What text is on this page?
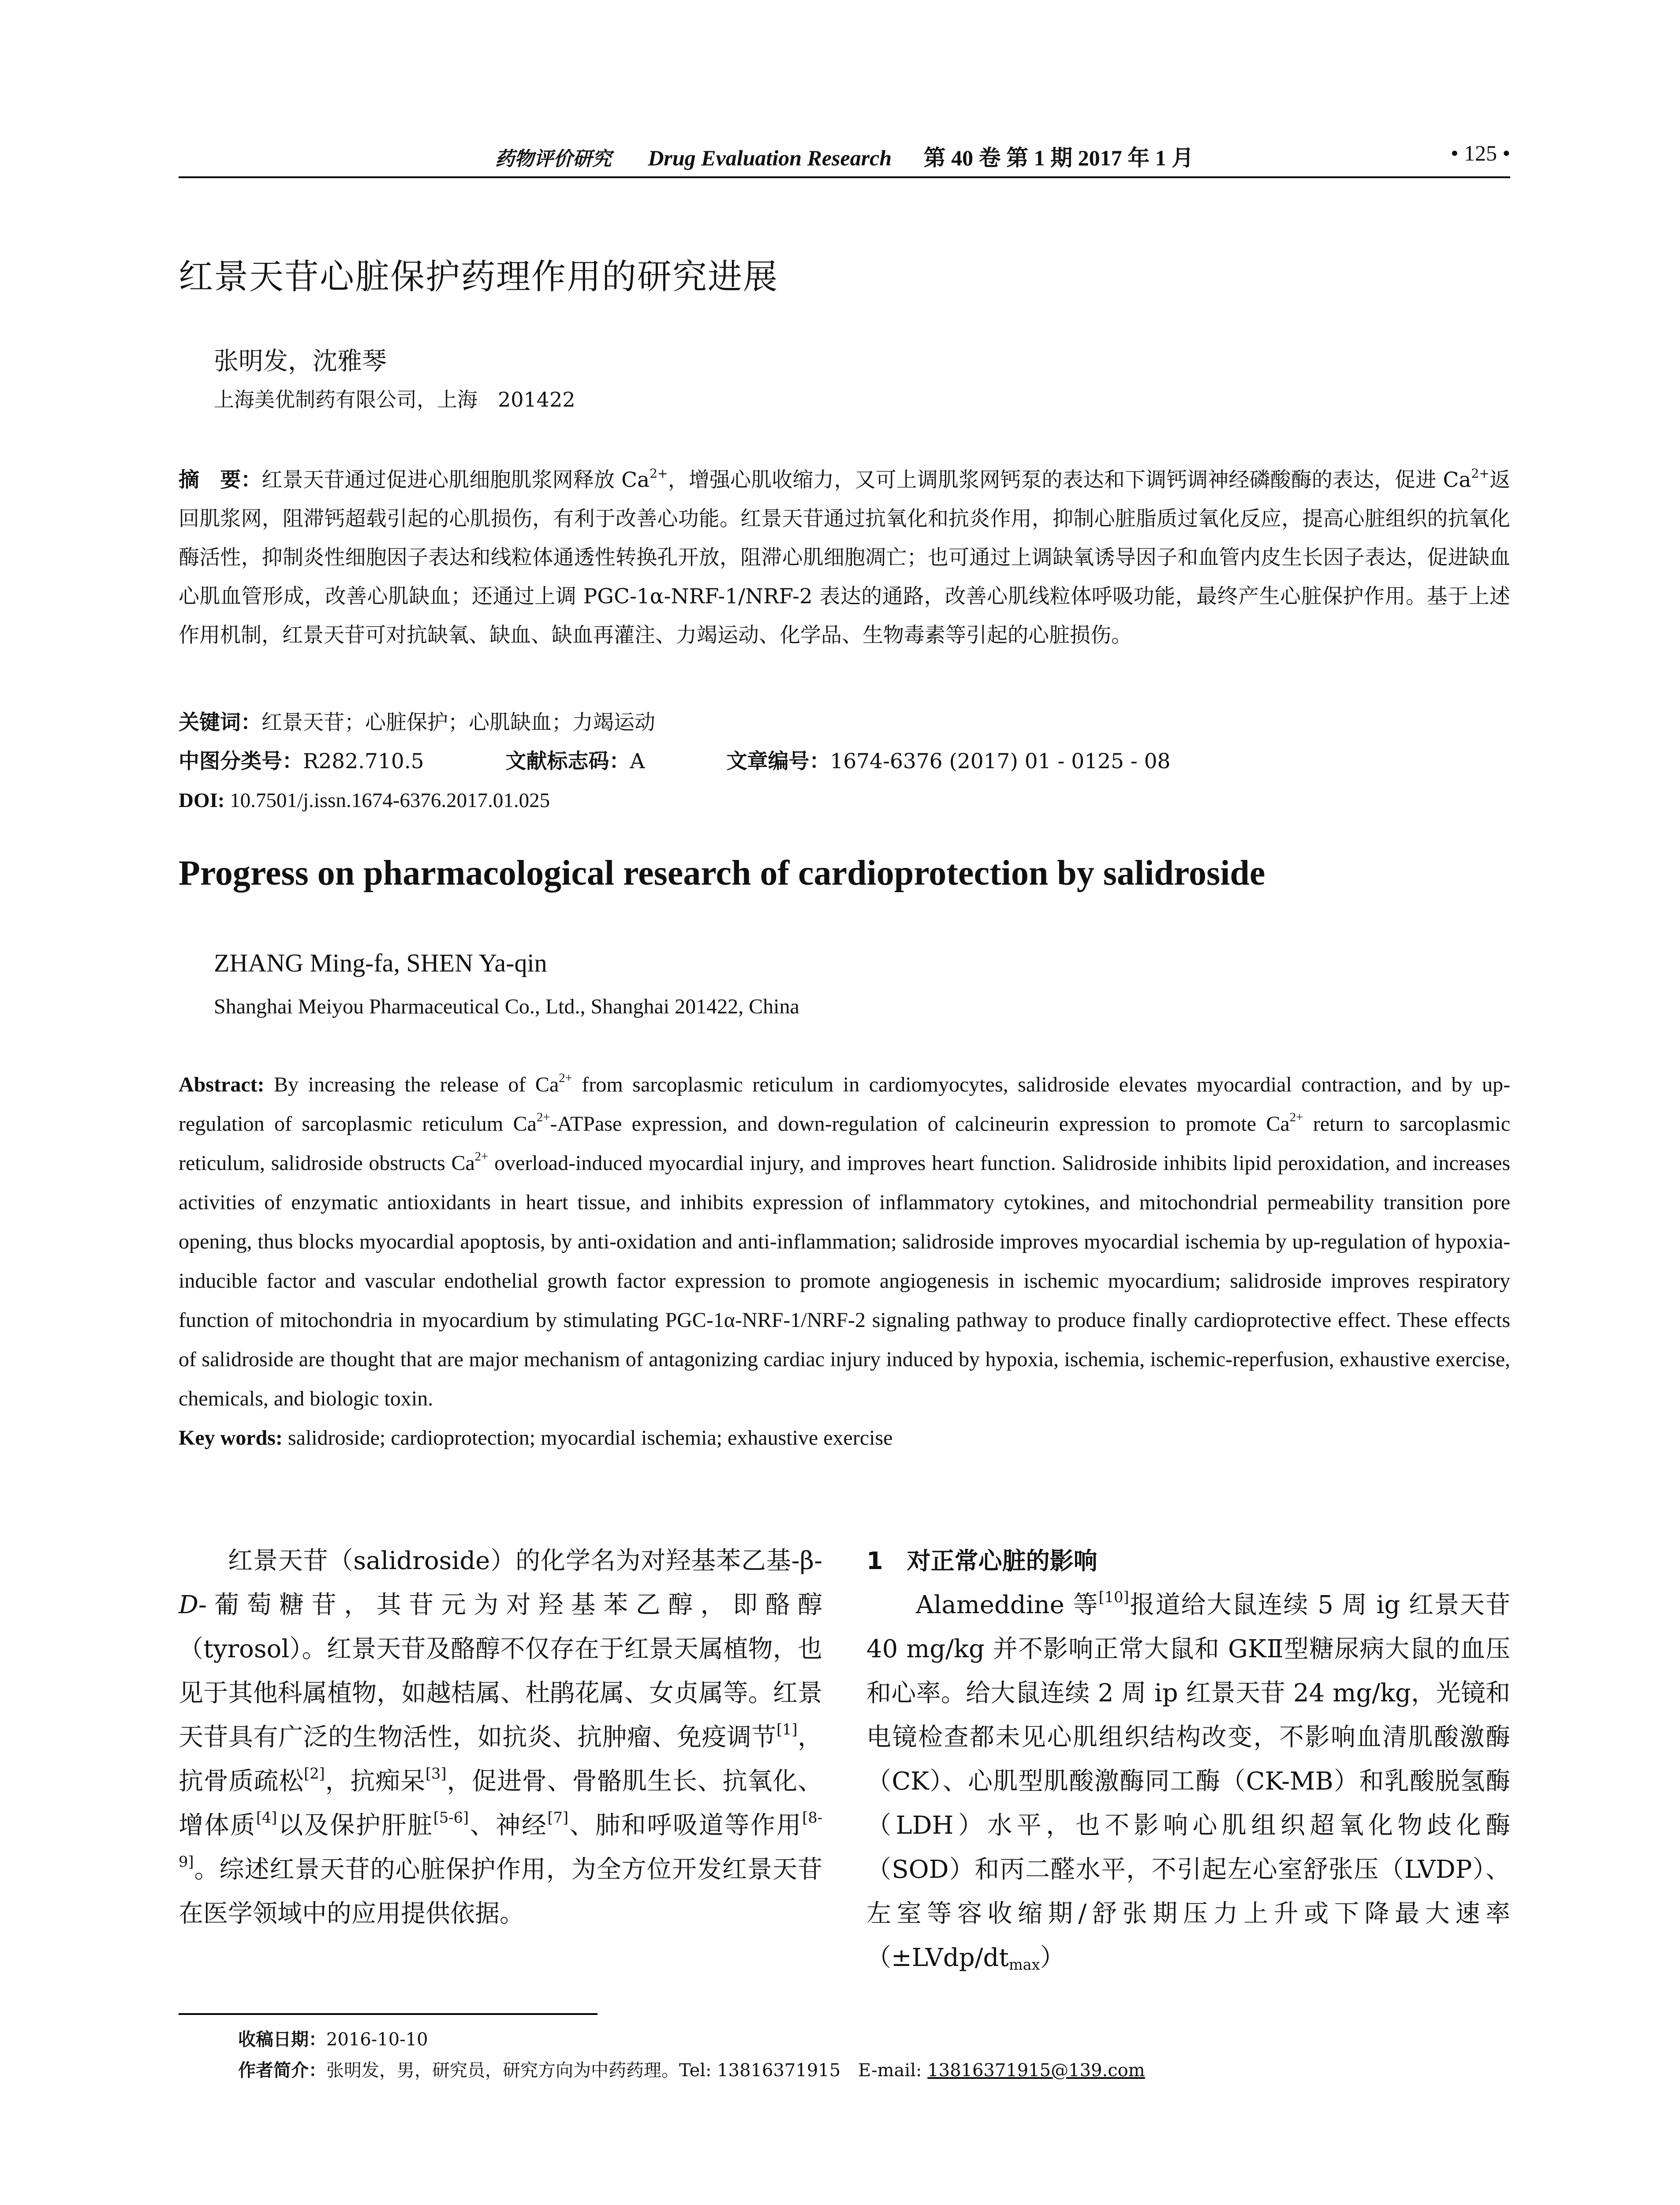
药物评价研究 Drug Evaluation Research 第 40 卷 第 1 期 2017 年 1 月	• 125 •
红景天苷心脏保护药理作用的研究进展
张明发，沈雅琴
上海美优制药有限公司，上海　201422

摘　要：红景天苷通过促进心肌细胞肌浆网释放 $Ca^{2+}$，增强心肌收缩力，又可上调肌浆网钙泵的表达和下调钙调神经磷酸酶的表达，促进 $Ca^{2+}$返回肌浆网，阻滞钙超载引起的心肌损伤，有利于改善心功能。红景天苷通过抗氧化和抗炎作用，抑制心脏脂质过氧化反应，提高心脏组织的抗氧化酶活性，抑制炎性细胞因子表达和线粒体通透性转换孔开放，阻滞心肌细胞凋亡；也可通过上调缺氧诱导因子和血管内皮生长因子表达，促进缺血心肌血管形成，改善心肌缺血；还通过上调 PGC-1α-NRF-1/NRF-2 表达的通路，改善心肌线粒体呼吸功能，最终产生心脏保护作用。基于上述作用机制，红景天苷可对抗缺氧、缺血、缺血再灌注、力竭运动、化学品、生物毒素等引起的心脏损伤。

关键词：红景天苷；心脏保护；心肌缺血；力竭运动
中图分类号：R282.710.5	文献标志码：A	文章编号：1674-6376 (2017) 01 - 0125 - 08
DOI: 10.7501/j.issn.1674-6376.2017.01.025
Progress on pharmacological research of cardioprotection by salidroside
ZHANG Ming-fa, SHEN Ya-qin
Shanghai Meiyou Pharmaceutical Co., Ltd., Shanghai 201422, China

Abstract: By increasing the release of $Ca^{2+}$ from sarcoplasmic reticulum in cardiomyocytes, salidroside elevates myocardial contraction, and by up-regulation of sarcoplasmic reticulum $Ca^{2+}$-ATPase expression, and down-regulation of calcineurin expression to promote $Ca^{2+}$ return to sarcoplasmic reticulum, salidroside obstructs $Ca^{2+}$ overload-induced myocardial injury, and improves heart function. Salidroside inhibits lipid peroxidation, and increases activities of enzymatic antioxidants in heart tissue, and inhibits expression of inflammatory cytokines, and mitochondrial permeability transition pore opening, thus blocks myocardial apoptosis, by anti-oxidation and anti-inflammation; salidroside improves myocardial ischemia by up-regulation of hypoxia-inducible factor and vascular endothelial growth factor expression to promote angiogenesis in ischemic myocardium; salidroside improves respiratory function of mitochondria in myocardium by stimulating PGC-1α-NRF-1/NRF-2 signaling pathway to produce finally cardioprotective effect. These effects of salidroside are thought that are major mechanism of antagonizing cardiac injury induced by hypoxia, ischemia, ischemic-reperfusion, exhaustive exercise, chemicals, and biologic toxin.

Key words: salidroside; cardioprotection; myocardial ischemia; exhaustive exercise

红景天苷（salidroside）的化学名为对羟基苯乙基-β-D-葡萄糖苷，其苷元为对羟基苯乙醇，即酪醇（tyrosol）。红景天苷及酪醇不仅存在于红景天属植物，也见于其他科属植物，如越桔属、杜鹃花属、女贞属等。红景天苷具有广泛的生物活性，如抗炎、抗肿瘤、免疫调节[1]，抗骨质疏松[2]，抗痴呆[3]，促进骨、骨骼肌生长、抗氧化、增体质[4]以及保护肝脏[5-6]、神经[7]、肺和呼吸道等作用[8-9]。综述红景天苷的心脏保护作用，为全方位开发红景天苷在医学领域中的应用提供依据。

1　对正常心脏的影响

Alameddine 等[10]报道给大鼠连续 5 周 ig 红景天苷 40 mg/kg 并不影响正常大鼠和 GKⅡ型糖尿病大鼠的血压和心率。给大鼠连续 2 周 ip 红景天苷 24 mg/kg，光镜和电镜检查都未见心肌组织结构改变，不影响血清肌酸激酶（CK）、心肌型肌酸激酶同工酶（CK-MB）和乳酸脱氢酶（LDH）水平，也不影响心肌组织超氧化物歧化酶（SOD）和丙二醛水平，不引起左心室舒张压（LVDP）、左室等容收缩期/舒张期压力上升或下降最大速率$(\pm LVdp/dt_{max})$

收稿日期：2016-10-10
作者简介：张明发，男，研究员，研究方向为中药药理。Tel: 13816371915　E-mail: 13816371915@139.com
